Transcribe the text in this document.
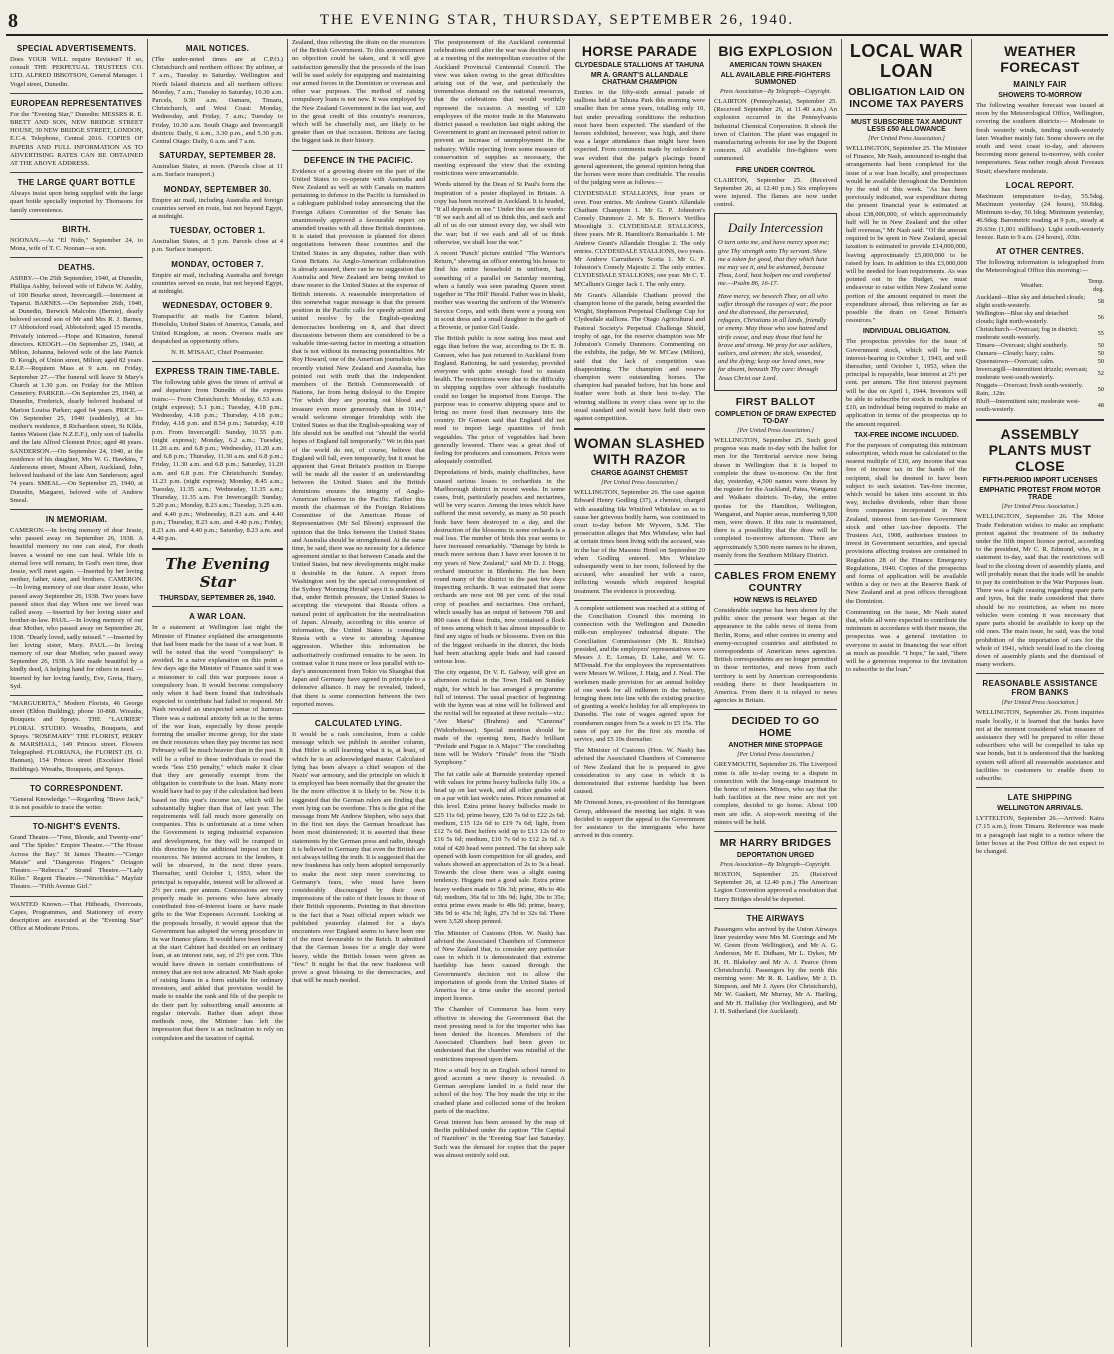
8	THE EVENING STAR, THURSDAY, SEPTEMBER 26, 1940.
SPECIAL ADVERTISEMENTS.

Does YOUR WILL require Revision? If so, consult THE PERPETUAL TRUSTEES CO. LTD. ALFRED IBBOTSON, General Manager. 1 Vogel street, Dunedin.

EUROPEAN REPRESENTATIVES

For the "Evening Star," Dunedin: MESSRS R. E. BRETT AND SON, NEW BRIDGE STREET HOUSE, 30 NEW BRIDGE STREET, LONDON, E.C.4. Telephone, Central 2016. COPIES OF PAPERS AND FULL INFORMATION AS TO ADVERTISING RATES CAN BE OBTAINED AT THE ABOVE ADDRESS.

THE LARGE QUART BOTTLE

Always insist upon being supplied with the large quart bottle specially imported by Thomsons for family convenience.

BIRTH.

NOONAN.—At "El Nido," September 24, to Mona, wife of T. C. Noonan—a son.

DEATHS.

ASHBY.—On 25th September, 1940, at Dunedin, Phillipa Ashby, beloved wife of Edwin W. Ashby, of 100 Bourke street, Invercargill.—Interment at Taparui. BARNES.—On September 26th, 1940, at Dunedin, Berwick Malcolm (Bernie), dearly beloved second son of Mr and Mrs R. J. Barnes, 17 Abbotsford road, Abbotsford; aged 15 months. Privately interred.—Hope and Kinaston, funeral directors. KEOGH.—On September 25, 1940, at Milton, Johanna, beloved wife of the late Patrick D. Keogh, of Union street, Milton; aged 82 years. R.I.P.—Requiem Mass at 9 a.m. on Friday, September 27.—The funeral will leave St Mary's Church at 1.30 p.m. on Friday for the Milton Cemetery. PARKER.—On September 25, 1940, at Dunedin, Frederick, dearly beloved husband of Marion Louisa Parker; aged 64 years. PRICE.—On September 25, 1940 (suddenly), at his mother's residence, 8 Richardson street, St Kilda, James Watson (late N.Z.E.F.), only son of Isabella and the late Alfred Clement Price; aged 48 years. SANDERSON.—On September 24, 1940, at the residence of his daughter, Mrs W. G. Hawkins, 7 Andersons street, Mount Albert, Auckland, John, beloved husband of the late Ann Sanderson; aged 74 years. SMEAL.—On September 25, 1940, at Dunedin, Margaret, beloved wife of Andrew Smeal.

IN MEMORIAM.

CAMERON.—In loving memory of dear Jessie, who passed away on September 26, 1938. A beautiful memory no one can steal, For death leaves a wound no one can heal. While life is eternal love will remain, In God's own time, dear Jessie, we'll meet again. —Inserted by her loving mother, father, sister, and brothers. CAMERON.—In loving memory of our dear sister Jessie, who passed away September 26, 1938. Two years have passed since that day When one we loved was called away. —Inserted by her loving sister and brother-in-law. PAUL.—In loving memory of our dear Mother, who passed away on September 26, 1938. "Dearly loved, sadly missed." —Inserted by her loving sister, Mary. PAUL.—In loving memory of our dear Mother, who passed away September 26, 1938. A life made beautiful by a kindly deed, A helping hand for others in need. —Inserted by her loving family, Eve, Greta, Harry, Syd.

"MARGUERITA," Modern Florists, 46 George street (Eldon Building); phone 10-868. Wreaths, Bouquets and Sprays. THE "LAURIER" FLORAL STUDIO. Wreaths, Bouquets, and Sprays. "ROSEMARY" THE FLORIST, PERRY & MARSHALL, 149 Princes street. Flowers Telegraphed. FLORIANA, the FLORIST (H. O. Hannan), 154 Princes street (Excelsior Hotel Buildings). Wreaths, Bouquets, and Sprays.

TO CORRESPONDENT.

"General Knowledge."—Regarding "Brave Jack," it is not possible to trace the writer.

TO-NIGHT'S EVENTS.

Grand Theatre.—"Free, Blonde, and Twenty-one" and "The Spider." Empire Theatre.—"The House Across the Bay." St James Theatre.—"Congo Maisie" and "Dangerous Fingers." Octagon Theatre.—"Rebecca." Strand Theatre.—"Lady Killer." Regent Theatre.—"Ninotchka." Mayfair Theatre.—"Fifth Avenue Girl."

WANTED Known.—That Hitheads, Overcoats, Capes, Programmes, and Stationery of every description are executed at the "Evening Star" Office at Moderate Prices.

MAIL NOTICES.

(The under-noted times are at C.P.O.) Christchurch and northern offices: By airliner, at 7 a.m., Tuesday to Saturday. Wellington and North Island districts and all northern offices: Monday, 7 a.m.; Tuesday to Saturday, 10.30 a.m. Parcels, 9.30 a.m. Oamaru, Timaru, Christchurch, and West Coast: Monday, Wednesday, and Friday, 7 a.m.; Tuesday to Friday, 10.30 a.m. South Otago and Invercargill districts: Daily, 6 a.m., 3.30 p.m., and 5.30 p.m. Central Otago: Daily, 6 a.m. and 7 a.m.

SATURDAY, SEPTEMBER 28.

Australian States, at noon. (Parcels close at 11 a.m. Surface transport.)

MONDAY, SEPTEMBER 30.

Empire air mail, including Australia and foreign countries served en route, but not beyond Egypt, at midnight.

TUESDAY, OCTOBER 1.

Australian States, at 5 p.m. Parcels close at 4 p.m. Surface transport.

MONDAY, OCTOBER 7.

Empire air mail, including Australia and foreign countries served en route, but not beyond Egypt, at midnight.

WEDNESDAY, OCTOBER 9.

Transpacific air mails for Canton Island, Honolulu, United States of America, Canada, and United Kingdom, at noon. Oversea mails are despatched as opportunity offers.

N. H. M'ISAAC, Chief Postmaster.

EXPRESS TRAIN TIME-TABLE.

The following table gives the times of arrival at and departure from Dunedin of the express trains:— From Christchurch: Monday, 6.53 a.m. (night express); 5.1 p.m.; Tuesday, 4.18 p.m.; Wednesday, 4.18 p.m.; Thursday, 4.18 p.m.; Friday, 4.18 p.m. and 8.54 p.m.; Saturday, 4.18 p.m. From Invercargill: Sunday, 10.55 p.m. (night express); Monday, 6.2 a.m.; Tuesday, 11.20 a.m. and 6.8 p.m.; Wednesday, 11.20 a.m. and 6.8 p.m.; Thursday, 11.30 a.m. and 6.8 p.m.; Friday, 11.30 a.m. and 6.8 p.m.; Saturday, 11.20 a.m. and 6.8 p.m. For Christchurch: Sunday, 11.23 p.m. (night express); Monday, 8.45 a.m.; Tuesday, 11.35 a.m.; Wednesday, 11.35 a.m.; Thursday, 11.35 a.m. For Invercargill: Sunday, 5.20 p.m.; Monday, 8.23 a.m.; Tuesday, 3.25 a.m. and 4.40 p.m.; Wednesday, 8.23 a.m. and 4.40 p.m.; Thursday, 8.23 a.m. and 4.40 p.m.; Friday, 8.23 a.m. and 4.40 p.m.; Saturday, 8.23 a.m. and 4.40 p.m.

The Evening Star
THURSDAY, SEPTEMBER 26, 1940.
A WAR LOAN.

In a statement at Wellington last night the Minister of Finance explained the arrangements that had been made for the issue of a war loan. It will be noted that the word "compulsory" is avoided. In a naive explanation on this point a few days ago the Minister of Finance said it was a misnomer to call this war purposes issue a compulsory loan. It would become compulsory only when it had been found that individuals expected to contribute had failed to respond. Mr Nash revealed an unexpected sense of humour. There was a national anxiety felt as to the terms of the war loan, especially by those people forming the smaller income group, for the state on their resources when they pay income tax next February will be much heavier than in the past. It will be a relief to these individuals to read the words "less £50 penalty," which make it clear that they are generally exempt from the obligation to contribute to the loan. Many more would have had to pay if the calculation had been based on this year's income tax, which will be substantially higher than that of last year. The requirements will fall much more generally on companies. This is unfortunate at a time when the Government is urging industrial expansion and development, for they will be cramped in this direction by the additional impost on their resources. No interest accrues to the lenders, it will be observed, in the next three years. Thereafter, until October 1, 1953, when the principal is repayable, interest will be allowed at 2½ per cent. per annum. Concessions are very properly made to persons who have already contributed free-of-interest loans or have made gifts to the War Expenses Account. Looking at the proposals broadly, it would appear that the Government has adopted the wrong procedure in its war finance plans. It would have been better if at the start Cabinet had decided on an ordinary loan, at an interest rate, say, of 2½ per cent. This would have drawn in certain contributions of money that are not now attracted. Mr Nash spoke of raising loans in a form suitable for ordinary investors, and added that provision would be made to enable the rank and file of the people to do their part by subscribing small amounts at regular intervals. Rather than adopt these methods now, the Minister has left the impression that there is an inclination to rely on compulsion and the taxation of capital.

Zealand, thus relieving the drain on the resources of the British Government. To this announcement no objection could be taken, and it will give satisfaction generally that the proceeds of the loan will be used solely for equipping and maintaining our armed forces in the Dominion or overseas and other war purposes. The method of raising compulsory loans is not new. It was employed by the New Zealand Government in the last war, and to the great credit of this country's resources, which will be cheerfully met, are likely to be greater than on that occasion. Britons are facing the biggest task in their history.

DEFENCE IN THE PACIFIC.

Evidence of a growing desire on the part of the United States to co-operate with Australia and New Zealand as well as with Canada on matters pertaining to defence in the Pacific is furnished in a cablegram published today announcing that the Foreign Affairs Committee of the Senate has unanimously approved a favourable report on amended treaties with all three British dominions. It is stated that provision is planned for direct negotiations between these countries and the United States in any disputes, rather than with Great Britain. As Anglo-American collaboration is already assured, there can be no suggestion that Australia and New Zealand are being invited to draw nearer to the United States at the expense of British interests. A reasonable interpretation of this somewhat vague message is that the present position in the Pacific calls for speedy action and united resolve by the English-speaking democracies bordering on it, and that direct discussions between them are considered to be a valuable time-saving factor in meeting a situation that is not without its menacing potentialities. Mr Roy Howard, one of the American journalists who recently visited New Zealand and Australia, has pointed out with truth that the independent members of the British Commonwealth of Nations, far from being disloyal to the Empire "for which they are pouring out blood and treasure even more generously than in 1914," would welcome stronger friendship with the United States so that the English-speaking way of life should not be snuffed out "should the world hopes of England fall temporarily." We in this part of the world do not, of course, believe that England will fall, even temporarily, but it must be apparent that Great Britain's position in Europe will be made all the easier if an understanding between the United States and the British dominions ensures the integrity of Anglo-American influence in the Pacific. Earlier this month the chairman of the Foreign Relations Committee of the American House of Representatives (Mr Sol Bloom) expressed the opinion that the links between the United States and Australia should be strengthened. At the same time, he said, there was no necessity for a defence agreement similar to that between Canada and the United States, but new developments might make it desirable in the future. A report from Washington sent by the special correspondent of the Sydney 'Morning Herald' says it is understood that, under British pressure, the United States is accepting the viewpoint that Russia offers a natural point of application for the neutralisation of Japan. Already, according to this source of information, the United States is consulting Russia with a view to attending Japanese aggression. Whether this information be authoritatively confirmed remains to be seen. In contrast value it runs more or less parallel with to-day's announcement from Tokio via Shanghai that Japan and Germany have agreed in principle to a defensive alliance. It may be revealed, indeed, that there is some connection between the two reported moves.

CALCULATED LYING.

It would be a rash conclusion, from a cable message which we publish in another column, that Hitler is still learning what it is, at least, of which he is an acknowledged master. Calculated lying has been always a chief weapon of the Nazis' war armoury, and the principle on which it is employed has been normally that the greater the lie the more effective it is likely to be. Now it is suggested that the German rulers are finding that even lying can be overdone. This is the gist of the message from Mr Andrew Stephen, who says that in the first ten days the German broadcast has been most disinterested; it is asserted that these statements by the German press and radio, though it is believed in Germany that even the British are not always telling the truth. It is suggested that the new frankness has only been adopted temporarily to make the next step more convincing to Germany's fears, who must have been considerably discouraged by their own impressions of the ratio of their losses to those of their British opponents. Pointing in that direction is the fact that a Nazi official report which we published yesterday claimed for a day's encounters over England seems to have been one of the most favourable to the Reich. It admitted that the German losses for a single day were heavy, while the British losses were given as "few." It might be that the new frankness will prove a great blessing to the democracies, and that will be much needed.

The postponement of the Auckland centennial celebrations until after the war was decided upon at a meeting of the metropolitan executive of the Auckland Provincial Centennial Council. The view was taken owing to the great difficulties arising out of the war, and particularly the tremendous demand on the national resources, that the celebrations that would worthily represent the occasion. A meeting of 120 employees of the motor trade in the Manawatu district passed a resolution last night asking the Government to grant an increased petrol ration to prevent an increase of unemployment in the industry. While rejecting from some measure of conservation of supplies as necessary, the meeting expressed the view that the existing restrictions were unwarrantable.

Words uttered by the Dean of St Paul's form the inspiration of a poster displayed in Britain. A copy has been received in Auckland. It is headed, "It all depends on me." Under this are the words: "If we each and all of us think this, and each and all of us do our utmost every day, we shall win the war; but if we each and all of us think otherwise, we shall lose the war."

A recent 'Punch' picture entitled "The Warrior's Return," showing an officer entering his house to find his entire household in uniform, had something of a parallel on Saturday morning, when a family was seen parading Queen street together in 'The Hill' Herald. Father was in khaki, mother was wearing the uniform of the Women's Service Corps, and with them were a young son in scout dress and a small daughter in the garb of a Brownie, or junior Girl Guide.

The British public is now eating less meat and eggs than before the war, according to Dr E. B. Gunson, who has just returned to Auckland from England. Rationing, he said yesterday, provided everyone with quite enough food to sustain health. The restrictions were due to the difficulty in shipping supplies over although foodstuffs could no longer be imported from Europe. The purpose was to conserve shipping space and to bring no more food than necessary into the country. Dr Gunson said that England did not need to import large quantities of fresh vegetables. The price of vegetables had been generally lowered. There was a great deal of feeling for producers and consumers. Prices were adequately controlled.

Depredations of birds, mainly chaffinches, have caused serious losses to orchardists in the Marlborough district in recent weeks. In some cases, fruit, particularly peaches and nectarines, will be very scarce. Among the trees which have suffered the most severely, as many as 50 peach buds have been destroyed in a day, and the destruction of the blossoms in some orchards is a real loss. The number of birds this year seems to have increased remarkably. "Damage by birds is much more serious than I have ever known it in my years of New Zealand," said Mr D. J. Hogg, orchard instructor in Blenheim. He has been round many of the district in the past few days inspecting orchards. It was estimated that some orchards are now not 98 per cent. of the total crop of peaches and nectarines. One orchard, which usually has an output of between 700 and 800 cases of these fruits, now contained a flock of trees among which it has almost impossible to find any signs of buds or blossoms. Even on this of the biggest orchards in the district, the birds had been attacking apple buds and had caused serious loss.

The city organist, Dr V. E. Galway, will give an afternoon recital in the Town Hall on Sunday night, for which he has arranged a programme full of interest. The usual practice of beginning with the hymn was at nine will be followed and the recital will be repeated at three recitals—viz.: "Ave Maria" (Brahms) and "Canzona" (Widorhohosse). Special mention should be made of the opening item, Bach's brilliant "Prelude and Fugue in A Major." The concluding item will be Widor's "Finale" from the "Sixth Symphony."

The fat cattle sale at Burnside yesterday opened with values for prime heavy bullocks fully 10s. a head up on last week, and all other grades sold on a par with last week's rates. Prices remained at this level. Extra prime heavy bullocks made to £25 11s 6d; prime heavy, £20 7s 6d to £22 2s 6d; medium, £15 12s 6d to £19 7s 6d; light, from £12 7s 6d. Best heifers sold up to £13 12s 6d to £16 5s 6d; medium, £10 7s 6d to £12 2s 6d. A total of 420 head were penned. The fat sheep sale opened with keen competition for all grades, and values showed an appreciation of 2s to 3s a head. Towards the close there was a slight easing tendency. Hoggets met a good sale. Extra prime heavy wethers made to 50s 3d; prime, 40s to 46s 6d; medium, 36s 6d to 38s 9d; light, 30s to 35s; extra prime ewes made to 48s 9d; prime, heavy, 38s 9d to 43s 3d; light, 27s 3d to 32s 6d. There were 3,520 sheep penned.

The Minister of Customs (Hon. W. Nash) has advised the Associated Chambers of Commerce of New Zealand that, to consider any particular case in which it is demonstrated that extreme hardship has been caused through the Government's decision not to allow the importation of goods from the United States of America for a time under the second period import licence.

The Chamber of Commerce has been very effective in showing the Government that the most pressing need is for the importer who has been denied the licences. Members of the Associated Chambers had been given to understand that the chamber was mindful of the restrictions imposed upon them.

How a small boy in an English school turned to good account a new theory is revealed. A German aeroplane landed in a field near the school of the boy. The boy made the trip to the crashed plane and collected some of the broken parts of the machine.

Great interest has been aroused by the map of Berlin published under the caption "The Capital of Nazidom" in the 'Evening Star' last Saturday. Such was the demand for copies that the paper was almost entirely sold out.

HORSE PARADE
CLYDESDALE STALLIONS AT TAHUNA
MR A. GRANT'S ALLANDALE CHATHAM CHAMPION

Entries in the fifty-sixth annual parade of stallions held at Tahuna Park this morning were smaller than for some years, totalling only 10, but under prevailing conditions the reduction must have been expected. The standard of the horses exhibited, however, was high, and there was a larger attendance than might have been expected. From comments made by onlookers it was evident that the judge's placings found general agreement, the general opinion being that the horses were more than creditable. The results of the judging were as follows:—

CLYDESDALE STALLIONS, four years or over. Four entries. Mr Andrew Grant's Allandale Chatham Champion 1. Mr G. P. Johnston's Comely Dunmore 2. Mr S. Brown's Veriflea Moonlight 3. CLYDESDALE STALLIONS, three years. Mr R. Hamilton's Remarkable 1. Mr Andrew Grant's Allandale Douglas 2. The only entries. CLYDESDALE STALLIONS, two years. Mr Andrew Carruthers's Scotia 1. Mr G. P. Johnston's Comely Majestic 2. The only entries. CLYDESDALE STALLIONS, one year. Mr C. T. M'Callum's Ginger Jack 1. The only entry.

Mr Grant's Allandale Chatham proved the champion horse of the parade, being awarded the Wright, Stephenson Perpetual Challenge Cup for Clydesdale stallions. The Otago Agricultural and Pastoral Society's Perpetual Challenge Shield, trophy of age, for the reserve champion was Mr Johnston's Comely Dunmore. Commenting on the exhibits, the judge, Mr W. M'Caw (Milton), said that the lack of competition was disappointing. The champion and reserve champion were outstanding horses. The champion had paraded before, but his bone and feather were both at their best to-day. The winning stallions in every class were up to the usual standard and would have held their own against competition.

WOMAN SLASHED WITH RAZOR
CHARGE AGAINST CHEMIST
[Per United Press Association.]

WELLINGTON, September 26. The case against Edward Henry Godling (37), a chemist, charged with assaulting Ida Winifred Whitelaw so as to cause her grievous bodily harm, was continued in court to-day before Mr Wyvern, S.M. The prosecution alleges that Mrs Whitelaw, who had at certain times been living with the accused, was in the bar of the Masonic Hotel on September 20 when Godling entered. Mrs Whitelaw subsequently went to her room, followed by the accused, who assaulted her with a razor, inflicting wounds which required hospital treatment. The evidence is proceeding.

A complete settlement was reached at a sitting of the Conciliation Council this morning in connection with the Wellington and Dunedin milk-run employees' industrial dispute. The Conciliation Commissioner (Mr B. Ritchie) presided, and the employers' representatives were Messrs J. E. Lomas, D. Lake, and W. G. M'Donald. For the employees the representatives were Messrs W. Wilson, J. Haig, and J. Neal. The workmen made provision for an annual holiday of one week for all milkmen in the industry, bringing them into line with the existing practice of granting a week's holiday for all employees in Dunedin. The rate of wages agreed upon for roundsmen ranges from 5s a week to £5 15s. The rates of pay are for the first six months of service, and £5 10s thereafter.

The Minister of Customs (Hon. W. Nash) has advised the Associated Chambers of Commerce of New Zealand that he is prepared to give consideration to any case in which it is demonstrated that extreme hardship has been caused.

Mr Ormond Jones, ex-president of the Immigrant Group, addressed the meeting last night. It was decided to support the appeal to the Government for assistance to the immigrants who have arrived in this country.

BIG EXPLOSION
AMERICAN TOWN SHAKEN
ALL AVAILABLE FIRE-FIGHTERS SUMMONED
Press Association—By Telegraph—Copyright.

CLAIRTON (Pennsylvania), September 25. (Received September 26, at 11.40 a.m.) An explosion occurred in the Pennsylvania Industrial Chemical Corporation. It shook the town of Clairton. The plant was engaged in manufacturing solvents for use by the Dupont concern. All available fire-fighters were summoned.

FIRE UNDER CONTROL

CLAIRTON, September 25. (Received September 26, at 12.40 p.m.) Six employees were injured. The flames are now under control.

Daily Intercession
O turn unto me, and have mercy upon me; give Thy strength unto Thy servant. Shew me a token for good, that they which hate me may see it, and be ashamed, because Thou, Lord, hast holpen me and comforted me.—Psalm 86, 16-17.
Have mercy, we beseech Thee, on all who suffer through the ravages of war; the poor and the distressed, the persecuted, refugees, Christians in all lands, friendly or enemy. May those who sow hatred and strife cease, and may those that heal be brave and strong. We pray for our soldiers, sailors, and airmen; the sick, wounded, and the dying; keep our loved ones, now far absent, beneath Thy care: through Jesus Christ our Lord.
FIRST BALLOT
COMPLETION OF DRAW EXPECTED TO-DAY
[Per United Press Association.]

WELLINGTON, September 25. Such good progress was made to-day with the ballot for men for the Territorial service now being drawn in Wellington that it is hoped to complete the draw to-morrow. On the first day, yesterday, 4,500 names were drawn by the register for the Auckland, Patea, Wanganui and Waikato districts. To-day, the entire quotas for the Hamilton, Wellington, Wanganui, and Napier areas, numbering 9,500 men, were drawn. If this rate is maintained, there is a possibility that the draw will be completed to-morrow afternoon. There are approximately 5,500 more names to be drawn, mainly from the Southern Military District.

CABLES FROM ENEMY COUNTRY
HOW NEWS IS RELAYED

Considerable surprise has been shown by the public since the present war began at the appearance in the cable news of items from Berlin, Rome, and other centres in enemy and enemy-occupied countries and attributed to correspondents of American news agencies. British correspondents are no longer permitted in those territories, and news from such territory is sent by American correspondents residing there to their headquarters in America. From there it is relayed to news agencies in Britain.

DECIDED TO GO HOME
ANOTHER MINE STOPPAGE
[Per United Press Association.]

GREYMOUTH, September 26. The Liverpool mine is idle to-day owing to a dispute in connection with the long-range treatment to the home of miners. Miners, who say that the bath facilities at the new mine are not yet complete, decided to go home. About 100 men are idle. A stop-work meeting of the miners will be held.

MR HARRY BRIDGES
DEPORTATION URGED
Press Association—By Telegraph—Copyright.

BOSTON, September 25. (Received September 26, at 12.40 p.m.) The American Legion Convention approved a resolution that Harry Bridges should be deported.

THE AIRWAYS

Passengers who arrived by the Union Airways liner yesterday were Mrs M. Gorringe and Mr W. Green (from Wellington), and Mr A. G. Anderson, Mr E. Didham, Mr L. Dykes, Mr H. H. Blakeley and Mr A. J. Pearce (from Christchurch). Passengers by the north this morning were: Mr R. R. Laidlaw, Mr J. D. Simpson, and Mr J. Ayers (for Christchurch), Mr W. Gaskett, Mr Murray, Mr A. Harling, and Mr H. Halliday (for Wellington), and Mr J. H. Sutherland (for Auckland).

LOCAL WAR LOAN
OBLIGATION LAID ON INCOME TAX PAYERS
MUST SUBSCRIBE TAX AMOUNT LESS £50 ALLOWANCE
[Per United Press Association.]

WELLINGTON, September 25. The Minister of Finance, Mr Nash, announced to-night that arrangements had been completed for the issue of a war loan locally, and prospectuses would be available throughout the Dominion by the end of this week. "As has been previously indicated, war expenditure during the present financial year is estimated at about £38,000,000, of which approximately half will be in New Zealand and the other half overseas," Mr Nash said. "Of the amount required to be spent in New Zealand, special taxation is estimated to provide £14,000,000, leaving approximately £5,000,000 to be raised by loan. In addition to this £3,000,000 will be needed for loan requirements. As was pointed out in the Budget, we must endeavour to raise within New Zealand some portion of the amount required to meet the expenditure abroad, thus relieving as far as possible the drain on Great Britain's resources."

INDIVIDUAL OBLIGATION.

The prospectus provides for the issue of Government stock, which will be non-interest-bearing to October 1, 1943, and will thereafter, until October 1, 1953, when the principal is repayable, bear interest at 2½ per cent. per annum. The first interest payment will be due on April 1, 1944. Investors will be able to subscribe for stock in multiples of £10, an individual being required to make an application in terms of the prospectus up to the amount required.

TAX-FREE INCOME INCLUDED.

For the purposes of computing this minimum subscription, which must be calculated to the nearest multiple of £10, any income that was free of income tax in the hands of the recipient, shall be deemed to have been subject to such taxation. Tax-free income, which would be taken into account in this way, includes dividends, other than those from companies incorporated in New Zealand, interest from tax-free Government stock and other tax-free deposits. The Trustees Act, 1908, authorises trustees to invest in Government securities, and special provisions affecting trustees are contained in Regulation 28 of the Finance Emergency Regulations, 1940. Copies of the prospectus and forms of application will be available within a day or two at the Reserve Bank of New Zealand and at post offices throughout the Dominion.

Commenting on the issue, Mr Nash stated that, while all were expected to contribute the minimum in accordance with their means, the prospectus was a general invitation to everyone to assist in financing the war effort as much as possible. "I hope," he said, "there will be a generous response to the invitation to subscribe to the loan."

WEATHER FORECAST
MAINLY FAIR
SHOWERS TO-MORROW

The following weather forecast was issued at noon by the Meteorological Office, Wellington, covering the southern districts:— Moderate to fresh westerly winds, tending south-westerly later. Weather mainly fair. Some showers on the south and west coast to-day, and showers becoming more general to-morrow, with cooler temperatures. Seas rather rough about Foveaux Strait; elsewhere moderate.

LOCAL REPORT.

Maximum temperature to-day, 55.5deg. Maximum yesterday (24 hours), 59.8deg. Minimum to-day, 50.1deg. Minimum yesterday, 46.9deg. Barometric reading at 9 p.m., steady at 29.63in (1,001 millibars). Light south-westerly breeze. Rain to 9 a.m. (24 hours), .03in.

AT OTHER CENTRES.

The following information is telegraphed from the Meteorological Office this morning:—

Weather.	Temp. deg.
Auckland—Blue sky and detached clouds; slight south-westerly.	58
Wellington—Blue sky and detached clouds; light north-westerly.	56
Christchurch—Overcast; fog in district; moderate south-westerly.	55
Timaru—Overcast; slight southerly.	50
Oamaru—Cloudy; hazy; calm.	50
Queenstown—Overcast; calm.	50
Invercargill—Intermittent drizzle; overcast; moderate west-south-westerly.	52
Nuggets—Overcast; fresh south-westerly. Rain, .12in.	50
Bluff—Intermittent rain; moderate west-south-westerly.	48
ASSEMBLY PLANTS MUST CLOSE
FIFTH-PERIOD IMPORT LICENSES
EMPHATIC PROTEST FROM MOTOR TRADE
[Per United Press Association.]

WELLINGTON, September 26. The Motor Trade Federation wishes to make an emphatic protest against the treatment of its industry under the fifth import licence period, according to the president, Mr C. R. Edmond, who, in a statement to-day, said that the restrictions will lead to the closing down of assembly plants, and will probably mean that the trade will be unable to pay its contribution to the War Purposes loan. There was a fight ceasing regarding spare parts and tyres, but the trade considered that there should be no restriction, as when no more vehicles were coming it was necessary that spare parts should be available to keep up the old ones. The main issue, he said, was the total prohibition of the importation of cars for the whole of 1941, which would lead to the closing down of assembly plants and the dismissal of many workers.

REASONABLE ASSISTANCE FROM BANKS
[Per United Press Association.]

WELLINGTON, September 26. From inquiries made locally, it is learned that the banks have not at the moment considered what measure of assistance they will be prepared to offer those subscribers who will be compelled to take up war bonds, but it is understood that the banking system will afford all reasonable assistance and facilities to customers to enable them to subscribe.

LATE SHIPPING
WELLINGTON ARRIVALS.

LYTTELTON, September 26.—Arrived: Kaira (7.15 a.m.), from Timaru. Reference was made in a paragraph last night to a notice where the letter boxes at the Post Office do not expect to be changed.
